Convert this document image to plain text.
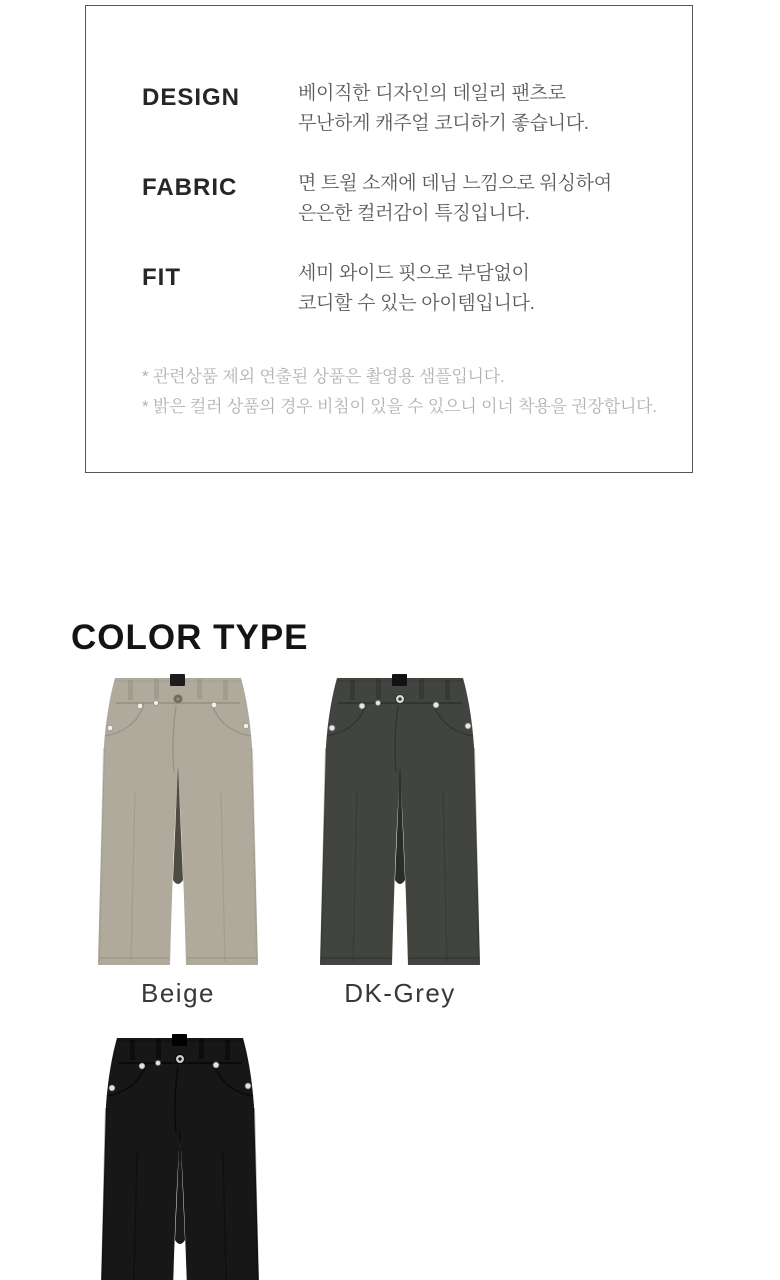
DESIGN	베이직한 디자인의 데일리 팬츠로
무난하게 캐주얼 코디하기 좋습니다.
FABRIC	면 트윌 소재에 데님 느낌으로 워싱하여
은은한 컬러감이 특징입니다.
FIT	세미 와이드 핏으로 부담없이
코디할 수 있는 아이템입니다.
* 관련상품 제외 연출된 상품은 촬영용 샘플입니다.
* 밝은 컬러 상품의 경우 비침이 있을 수 있으니 이너 착용을 권장합니다.
COLOR TYPE
Beige	DK-Grey
